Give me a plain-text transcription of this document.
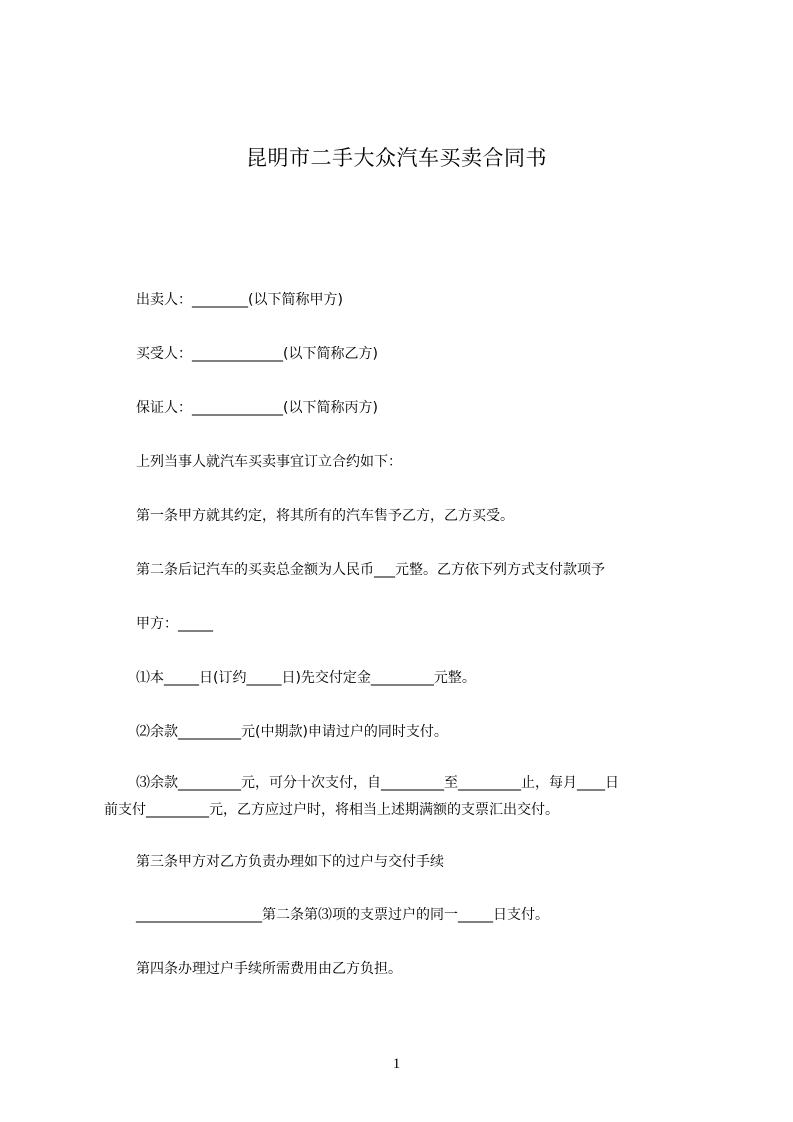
昆明市二手大众汽车买卖合同书
出卖人：________(以下简称甲方)
买受人：_____________(以下简称乙方)
保证人：_____________(以下简称丙方)
上列当事人就汽车买卖事宜订立合约如下：
第一条甲方就其约定，将其所有的汽车售予乙方，乙方买受。
第二条后记汽车的买卖总金额为人民币___元整。乙方依下列方式支付款项予
甲方：_____
⑴本_____日(订约_____日)先交付定金_________元整。
⑵余款_________元(中期款)申请过户的同时支付。
⑶余款_________元，可分十次支付，自_________至_________止，每月____日
前支付_________元，乙方应过户时，将相当上述期满额的支票汇出交付。
第三条甲方对乙方负责办理如下的过户与交付手续
__________________第二条第⑶项的支票过户的同一_____日支付。
第四条办理过户手续所需费用由乙方负担。
1
